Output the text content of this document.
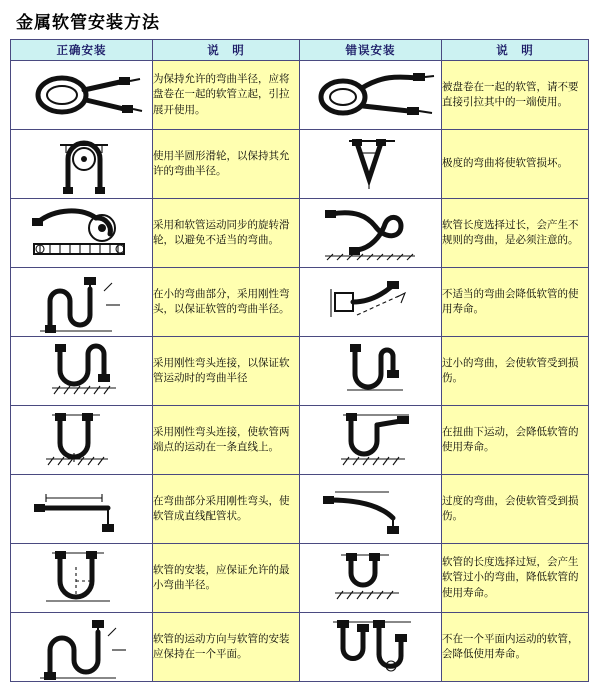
金属软管安装方法
正确安装	说　明	错误安装	说　明

	为保持允许的弯曲半径，应将盘卷在一起的软管立起，引拉展开使用。		被盘卷在一起的软管，请不要直接引拉其中的一端使用。

	使用半圆形滑轮，以保持其允许的弯曲半径。		极度的弯曲将使软管损坏。

	采用和软管运动同步的旋转滑轮，以避免不适当的弯曲。		软管长度选择过长，会产生不规则的弯曲，是必须注意的。

	在小的弯曲部分，采用刚性弯头，以保证软管的弯曲半径。		不适当的弯曲会降低软管的使用寿命。

	采用刚性弯头连接，以保证软管运动时的弯曲半径		过小的弯曲，会使软管受到损伤。

	采用刚性弯头连接，使软管两端点的运动在一条直线上。		在扭曲下运动，会降低软管的使用寿命。

	在弯曲部分采用刚性弯头，使软管成直线配管状。		过度的弯曲，会使软管受到损伤。

	软管的安装，应保证允许的最小弯曲半径。		软管的长度选择过短，会产生软管过小的弯曲，降低软管的使用寿命。

	软管的运动方向与软管的安装应保持在一个平面。		不在一个平面内运动的软管，会降低使用寿命。
